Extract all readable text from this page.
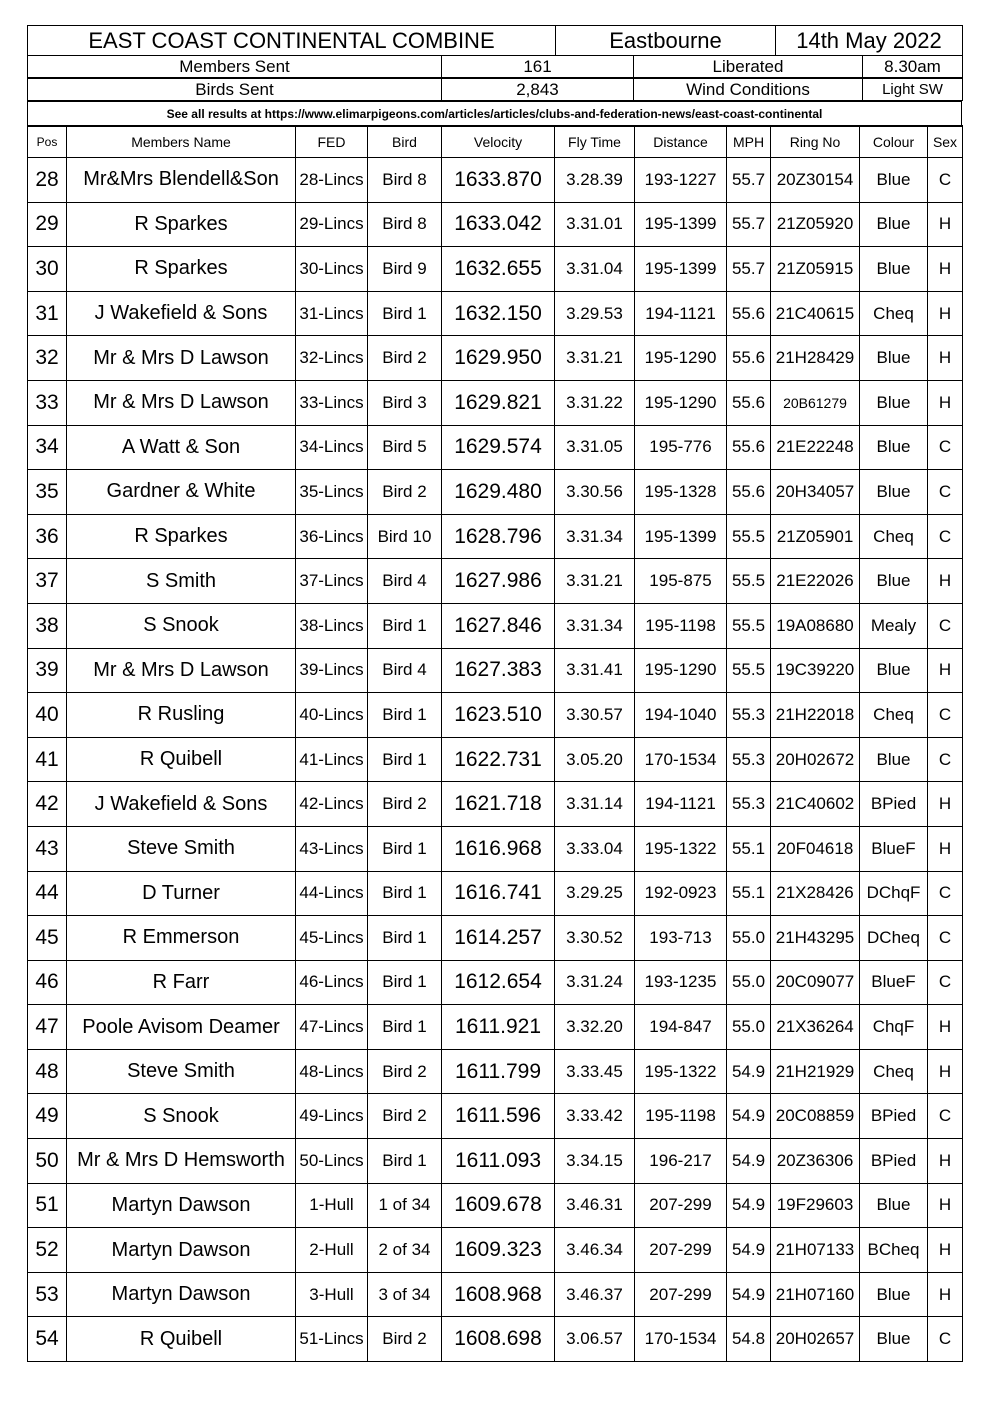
EAST COAST CONTINENTAL COMBINE	Eastbourne	14th May 2022
Members Sent	161	Liberated	8.30am
Birds Sent	2,843	Wind Conditions	Light SW
See all results at https://www.elimarpigeons.com/articles/articles/clubs-and-federation-news/east-coast-continental
Pos	Members Name	FED	Bird	Velocity	Fly Time	Distance	MPH	Ring No	Colour	Sex
28	Mr&Mrs Blendell&Son	28-Lincs	Bird 8	1633.870	3.28.39	193-1227	55.7	20Z30154	Blue	C
29	R Sparkes	29-Lincs	Bird 8	1633.042	3.31.01	195-1399	55.7	21Z05920	Blue	H
30	R Sparkes	30-Lincs	Bird 9	1632.655	3.31.04	195-1399	55.7	21Z05915	Blue	H
31	J Wakefield & Sons	31-Lincs	Bird 1	1632.150	3.29.53	194-1121	55.6	21C40615	Cheq	H
32	Mr & Mrs D Lawson	32-Lincs	Bird 2	1629.950	3.31.21	195-1290	55.6	21H28429	Blue	H
33	Mr & Mrs D Lawson	33-Lincs	Bird 3	1629.821	3.31.22	195-1290	55.6	20B61279	Blue	H
34	A Watt & Son	34-Lincs	Bird 5	1629.574	3.31.05	195-776	55.6	21E22248	Blue	C
35	Gardner & White	35-Lincs	Bird 2	1629.480	3.30.56	195-1328	55.6	20H34057	Blue	C
36	R Sparkes	36-Lincs	Bird 10	1628.796	3.31.34	195-1399	55.5	21Z05901	Cheq	C
37	S Smith	37-Lincs	Bird 4	1627.986	3.31.21	195-875	55.5	21E22026	Blue	H
38	S Snook	38-Lincs	Bird 1	1627.846	3.31.34	195-1198	55.5	19A08680	Mealy	C
39	Mr & Mrs D Lawson	39-Lincs	Bird 4	1627.383	3.31.41	195-1290	55.5	19C39220	Blue	H
40	R Rusling	40-Lincs	Bird 1	1623.510	3.30.57	194-1040	55.3	21H22018	Cheq	C
41	R Quibell	41-Lincs	Bird 1	1622.731	3.05.20	170-1534	55.3	20H02672	Blue	C
42	J Wakefield & Sons	42-Lincs	Bird 2	1621.718	3.31.14	194-1121	55.3	21C40602	BPied	H
43	Steve Smith	43-Lincs	Bird 1	1616.968	3.33.04	195-1322	55.1	20F04618	BlueF	H
44	D Turner	44-Lincs	Bird 1	1616.741	3.29.25	192-0923	55.1	21X28426	DChqF	C
45	R Emmerson	45-Lincs	Bird 1	1614.257	3.30.52	193-713	55.0	21H43295	DCheq	C
46	R Farr	46-Lincs	Bird 1	1612.654	3.31.24	193-1235	55.0	20C09077	BlueF	C
47	Poole Avisom Deamer	47-Lincs	Bird 1	1611.921	3.32.20	194-847	55.0	21X36264	ChqF	H
48	Steve Smith	48-Lincs	Bird 2	1611.799	3.33.45	195-1322	54.9	21H21929	Cheq	H
49	S Snook	49-Lincs	Bird 2	1611.596	3.33.42	195-1198	54.9	20C08859	BPied	C
50	Mr & Mrs D Hemsworth	50-Lincs	Bird 1	1611.093	3.34.15	196-217	54.9	20Z36306	BPied	H
51	Martyn Dawson	1-Hull	1 of 34	1609.678	3.46.31	207-299	54.9	19F29603	Blue	H
52	Martyn Dawson	2-Hull	2 of 34	1609.323	3.46.34	207-299	54.9	21H07133	BCheq	H
53	Martyn Dawson	3-Hull	3 of 34	1608.968	3.46.37	207-299	54.9	21H07160	Blue	H
54	R Quibell	51-Lincs	Bird 2	1608.698	3.06.57	170-1534	54.8	20H02657	Blue	C
